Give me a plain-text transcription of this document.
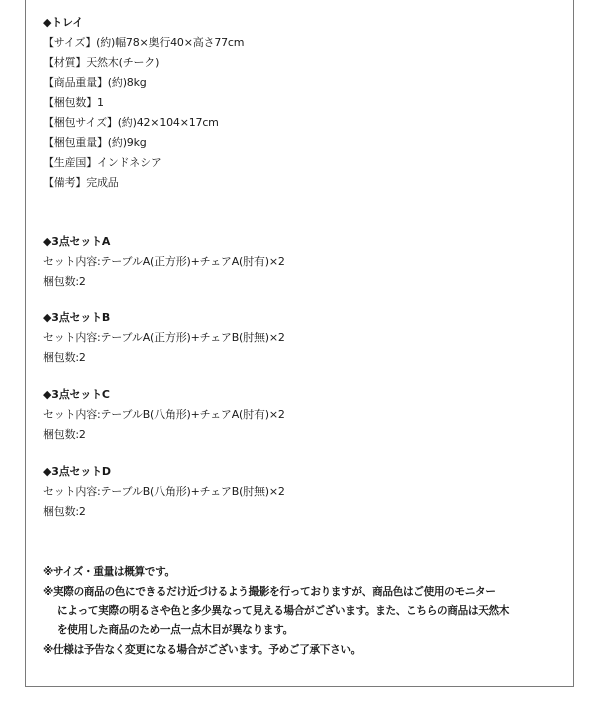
◆トレイ
【サイズ】(約)幅78×奥行40×高さ77cm
【材質】天然木(チーク)
【商品重量】(約)8kg
【梱包数】1
【梱包サイズ】(約)42×104×17cm
【梱包重量】(約)9kg
【生産国】インドネシア
【備考】完成品
◆3点セットA
セット内容:テーブルA(正方形)+チェアA(肘有)×2
梱包数:2
◆3点セットB
セット内容:テーブルA(正方形)+チェアB(肘無)×2
梱包数:2
◆3点セットC
セット内容:テーブルB(八角形)+チェアA(肘有)×2
梱包数:2
◆3点セットD
セット内容:テーブルB(八角形)+チェアB(肘無)×2
梱包数:2
※サイズ・重量は概算です。
※実際の商品の色にできるだけ近づけるよう撮影を行っておりますが、商品色はご使用のモニター
によって実際の明るさや色と多少異なって見える場合がございます。また、こちらの商品は天然木
を使用した商品のため一点一点木目が異なります。
※仕様は予告なく変更になる場合がございます。予めご了承下さい。
